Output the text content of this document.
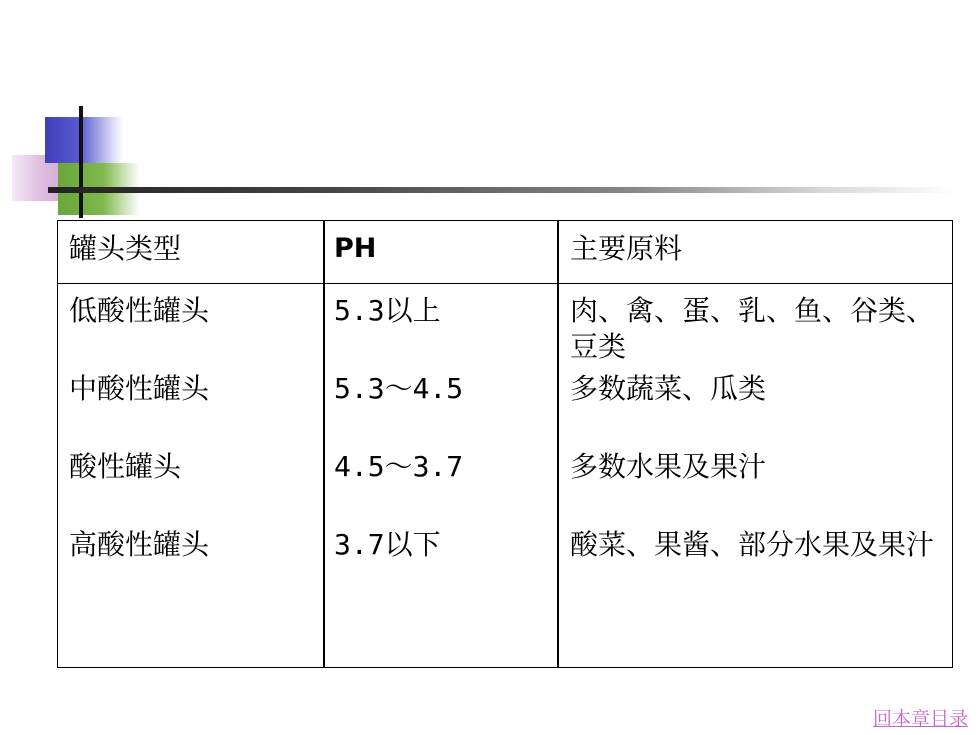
罐头类型	PH	主要原料
低酸性罐头	5.3以上	肉、禽、蛋、乳、鱼、谷类、豆类
中酸性罐头	5.3～4.5	多数蔬菜、瓜类
酸性罐头	4.5～3.7	多数水果及果汁
高酸性罐头	3.7以下	酸菜、果酱、部分水果及果汁
回本章目录
